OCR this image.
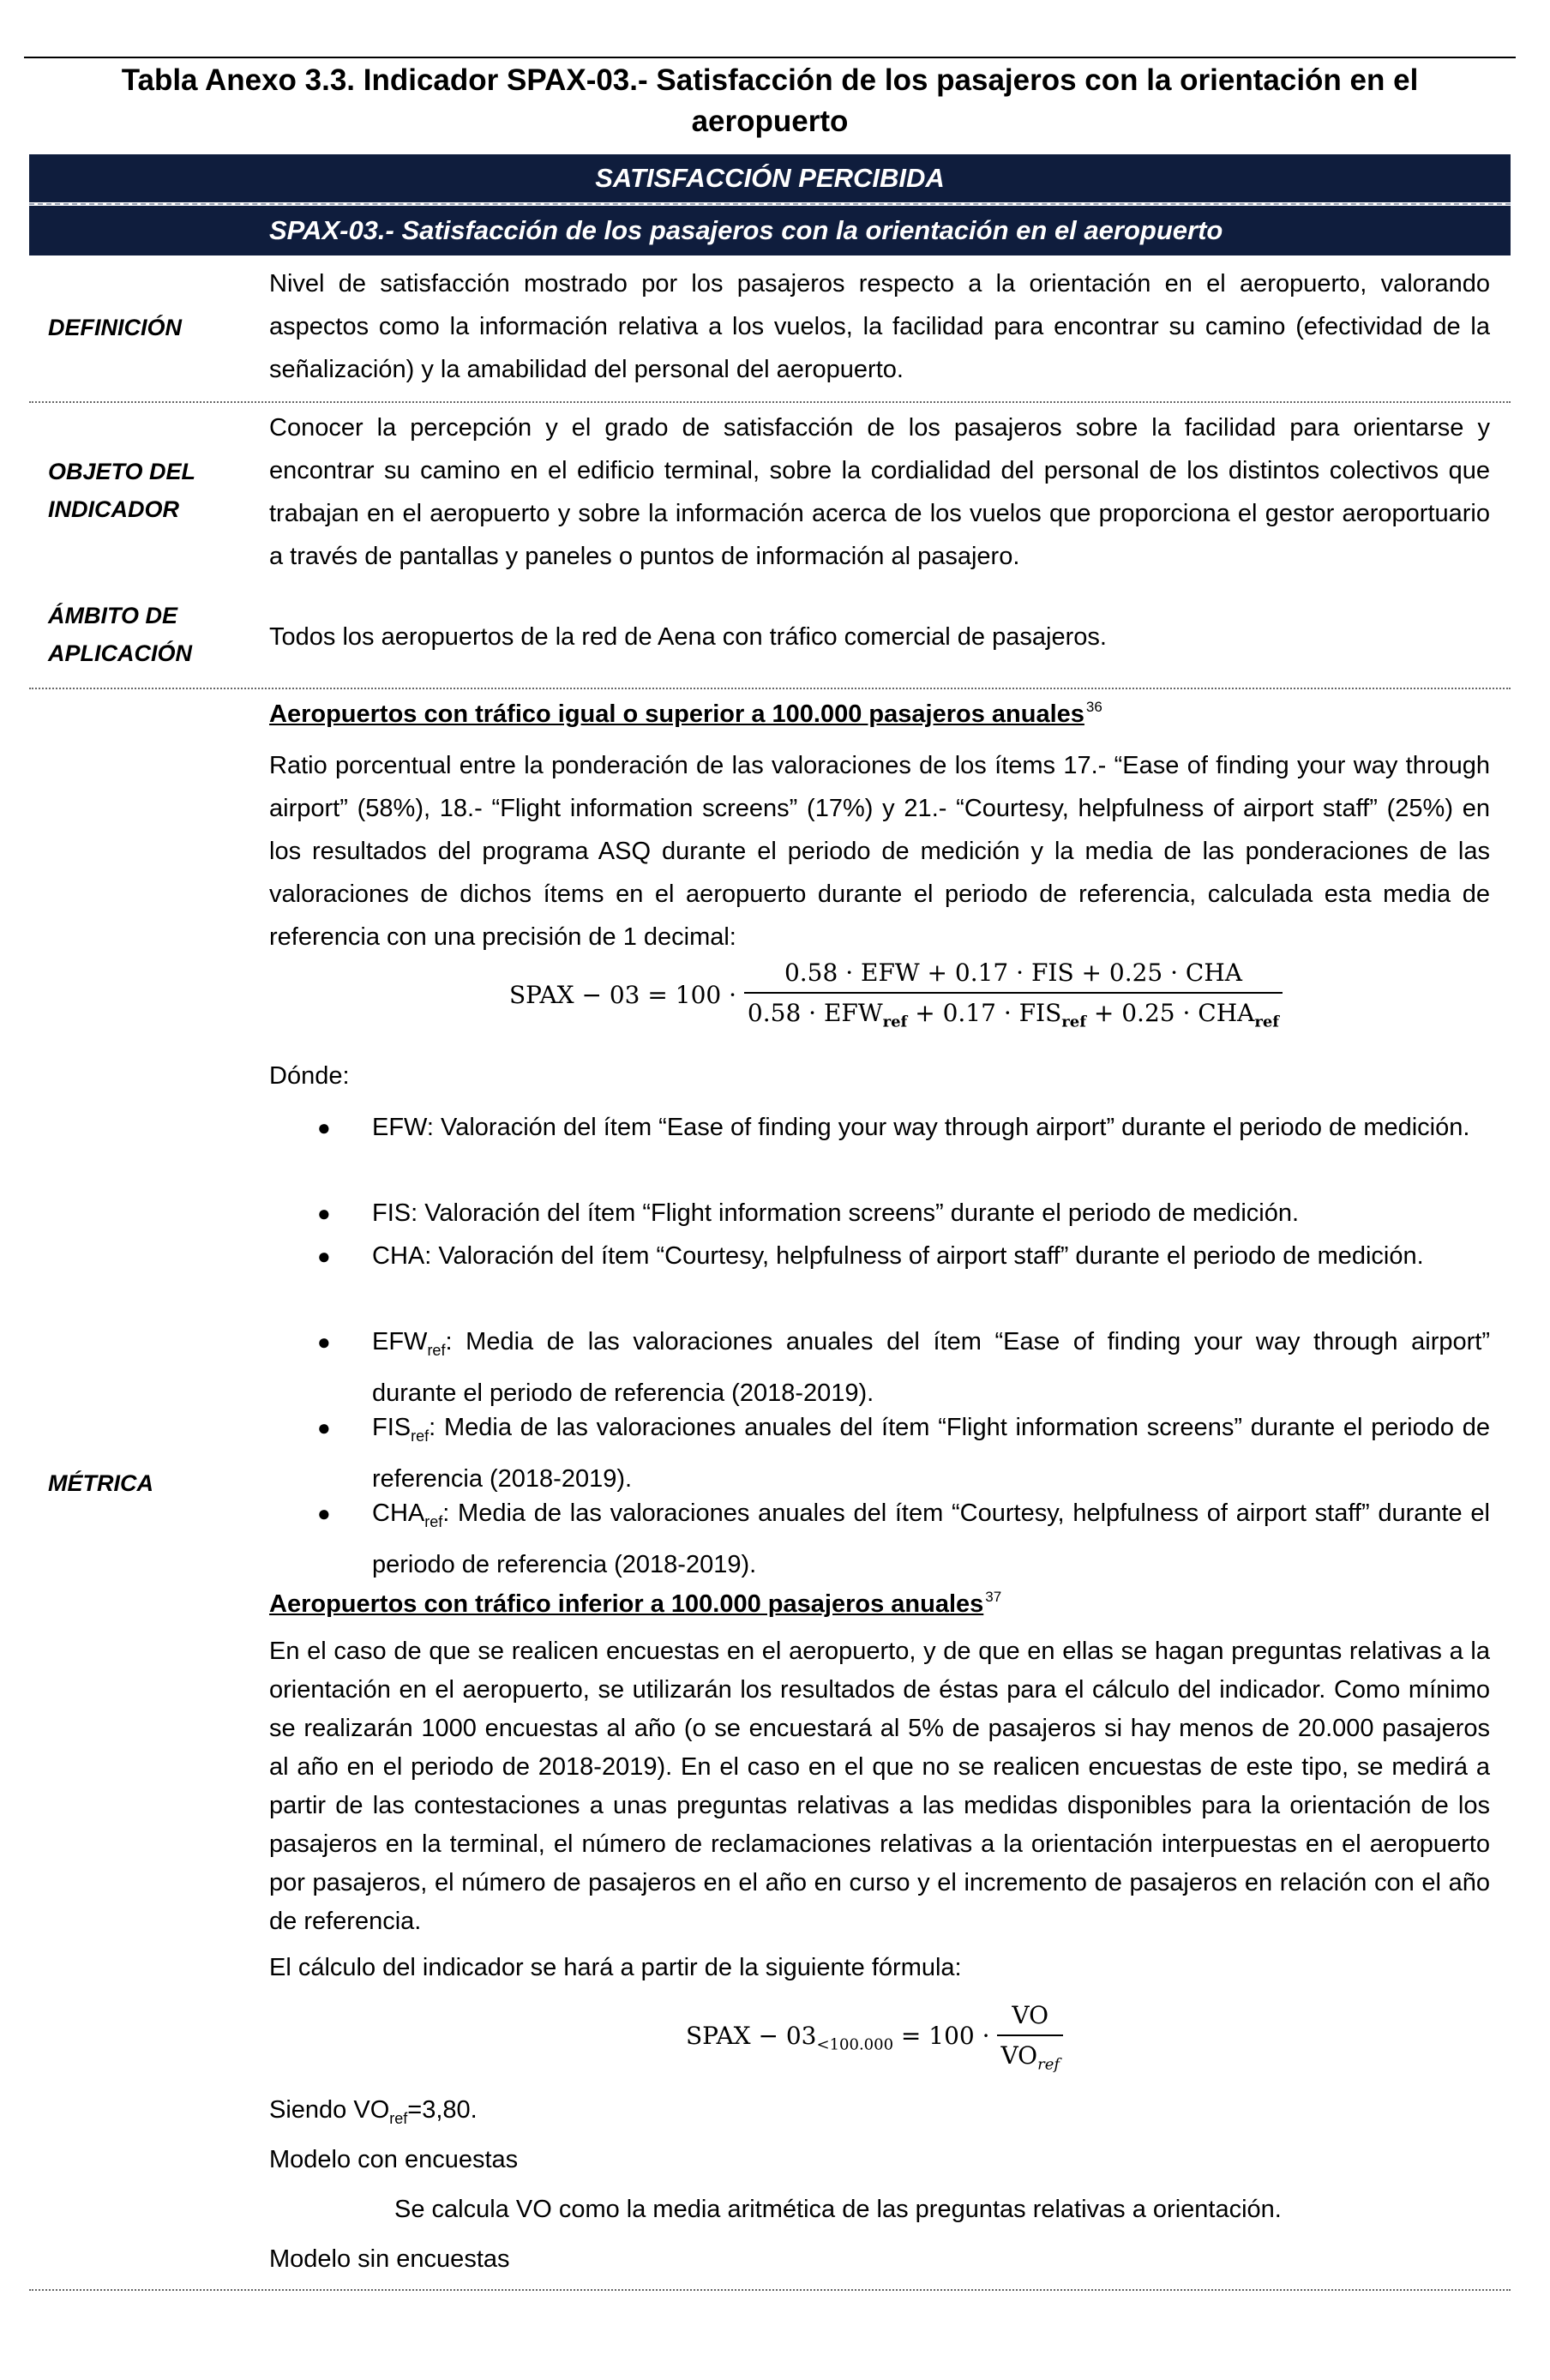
Tabla Anexo 3.3. Indicador SPAX-03.- Satisfacción de los pasajeros con la orientación en el
aeropuerto
SATISFACCIÓN PERCIBIDA
SPAX-03.- Satisfacción de los pasajeros con la orientación en el aeropuerto
DEFINICIÓN
Nivel de satisfacción mostrado por los pasajeros respecto a la orientación en el aeropuerto, valorando aspectos como la información relativa a los vuelos, la facilidad para encontrar su camino (efectividad de la señalización) y la amabilidad del personal del aeropuerto.
OBJETO DEL
INDICADOR
Conocer la percepción y el grado de satisfacción de los pasajeros sobre la facilidad para orientarse y encontrar su camino en el edificio terminal, sobre la cordialidad del personal de los distintos colectivos que trabajan en el aeropuerto y sobre la información acerca de los vuelos que proporciona el gestor aeroportuario a través de pantallas y paneles o puntos de información al pasajero.
ÁMBITO DE
APLICACIÓN
Todos los aeropuertos de la red de Aena con tráfico comercial de pasajeros.
MÉTRICA
Aeropuertos con tráfico igual o superior a 100.000 pasajeros anuales $^{36}$
Ratio porcentual entre la ponderación de las valoraciones de los ítems 17.- “Ease of finding your way through airport” (58%), 18.- “Flight information screens” (17%) y 21.- “Courtesy, helpfulness of airport staff” (25%) en los resultados del programa ASQ durante el periodo de medición y la media de las ponderaciones de las valoraciones de dichos ítems en el aeropuerto durante el periodo de referencia, calculada esta media de referencia con una precisión de 1 decimal:
SPAX − $03 = 100 \cdot \frac{\text{0.58 · EFW + 0.17 · FIS + 0.25 · CHA}}{0.58 \cdot EFW_{ref} + 0.17 \cdot FIS_{ref} + 0.25 \cdot CHA_{ref}}$
Dónde:
● EFW: Valoración del ítem “Ease of finding your way through airport” durante el periodo de medición.
● FIS: Valoración del ítem “Flight information screens” durante el periodo de medición.
● CHA: Valoración del ítem “Courtesy, helpfulness of airport staff” durante el periodo de medición.
● $EFW_{ref}$: Media de las valoraciones anuales del ítem “Ease of finding your way through airport” durante el periodo de referencia (2018-2019).
● $FIS_{ref}$: Media de las valoraciones anuales del ítem “Flight information screens” durante el periodo de referencia (2018-2019).
● $CHA_{ref}$: Media de las valoraciones anuales del ítem “Courtesy, helpfulness of airport staff” durante el periodo de referencia (2018-2019).
Aeropuertos con tráfico inferior a 100.000 pasajeros anuales $^{37}$
En el caso de que se realicen encuestas en el aeropuerto, y de que en ellas se hagan preguntas relativas a la orientación en el aeropuerto, se utilizarán los resultados de éstas para el cálculo del indicador. Como mínimo se realizarán 1000 encuestas al año (o se encuestará al 5% de pasajeros si hay menos de 20.000 pasajeros al año en el periodo de 2018-2019). En el caso en el que no se realicen encuestas de este tipo, se medirá a partir de las contestaciones a unas preguntas relativas a las medidas disponibles para la orientación de los pasajeros en la terminal, el número de reclamaciones relativas a la orientación interpuestas en el aeropuerto por pasajeros, el número de pasajeros en el año en curso y el incremento de pasajeros en relación con el año de referencia.
El cálculo del indicador se hará a partir de la siguiente fórmula:
SPAX − $03_{<100.000} = 100 \cdot \frac{VO}{VO_{ref}}$
Siendo $VO_{ref}=3,80$.
Modelo con encuestas
Se calcula VO como la media aritmética de las preguntas relativas a orientación.
Modelo sin encuestas
